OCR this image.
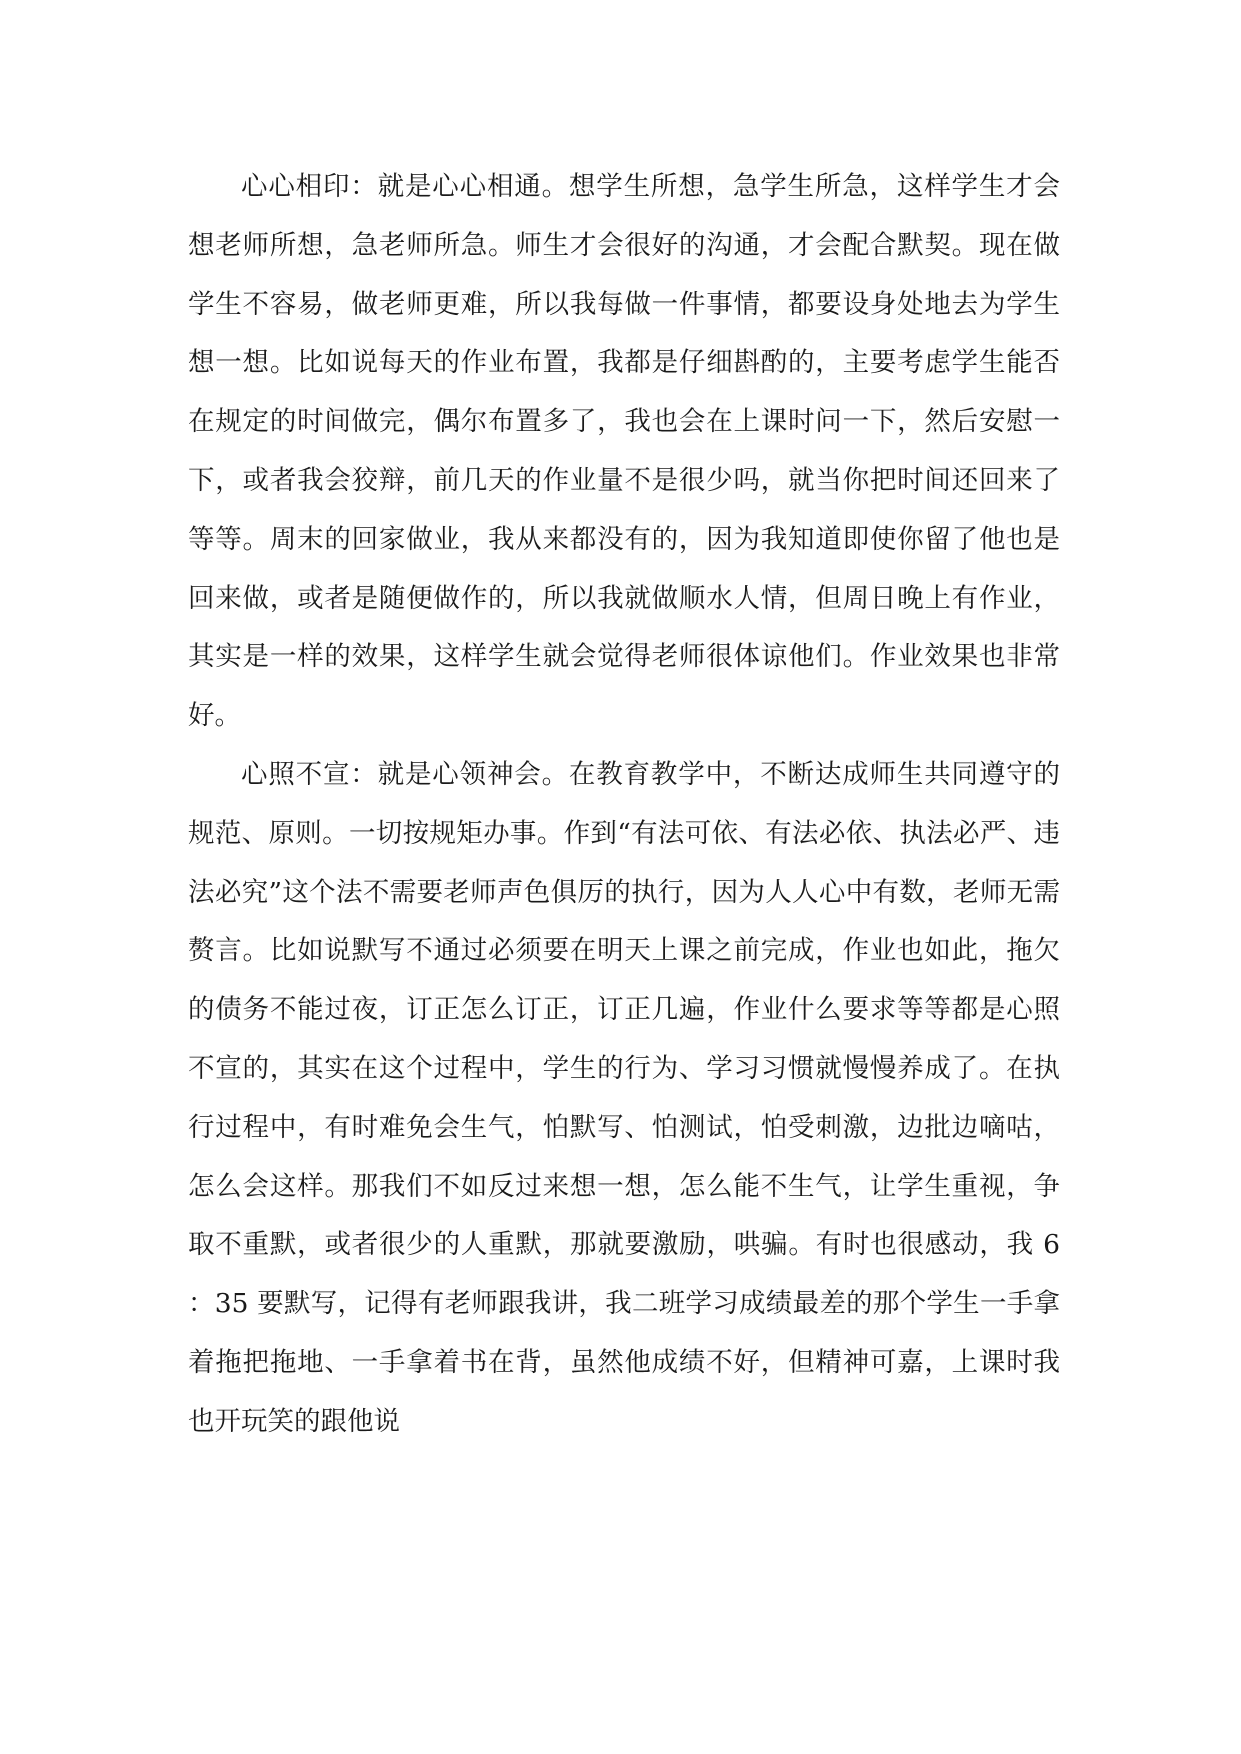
心心相印：就是心心相通。想学生所想，急学生所急，这样学生才会想老师所想，急老师所急。师生才会很好的沟通，才会配合默契。现在做学生不容易，做老师更难，所以我每做一件事情，都要设身处地去为学生想一想。比如说每天的作业布置，我都是仔细斟酌的，主要考虑学生能否在规定的时间做完，偶尔布置多了，我也会在上课时问一下，然后安慰一下，或者我会狡辩，前几天的作业量不是很少吗，就当你把时间还回来了等等。周末的回家做业，我从来都没有的，因为我知道即使你留了他也是回来做，或者是随便做作的，所以我就做顺水人情，但周日晚上有作业，其实是一样的效果，这样学生就会觉得老师很体谅他们。作业效果也非常好。

心照不宣：就是心领神会。在教育教学中，不断达成师生共同遵守的规范、原则。一切按规矩办事。作到“有法可依、有法必依、执法必严、违法必究”这个法不需要老师声色俱厉的执行，因为人人心中有数，老师无需赘言。比如说默写不通过必须要在明天上课之前完成，作业也如此，拖欠的债务不能过夜，订正怎么订正，订正几遍，作业什么要求等等都是心照不宣的，其实在这个过程中，学生的行为、学习习惯就慢慢养成了。在执行过程中，有时难免会生气，怕默写、怕测试，怕受刺激，边批边嘀咕，怎么会这样。那我们不如反过来想一想，怎么能不生气，让学生重视，争取不重默，或者很少的人重默，那就要激励，哄骗。有时也很感动，我 6：35 要默写，记得有老师跟我讲，我二班学习成绩最差的那个学生一手拿着拖把拖地、一手拿着书在背，虽然他成绩不好，但精神可嘉，上课时我也开玩笑的跟他说
